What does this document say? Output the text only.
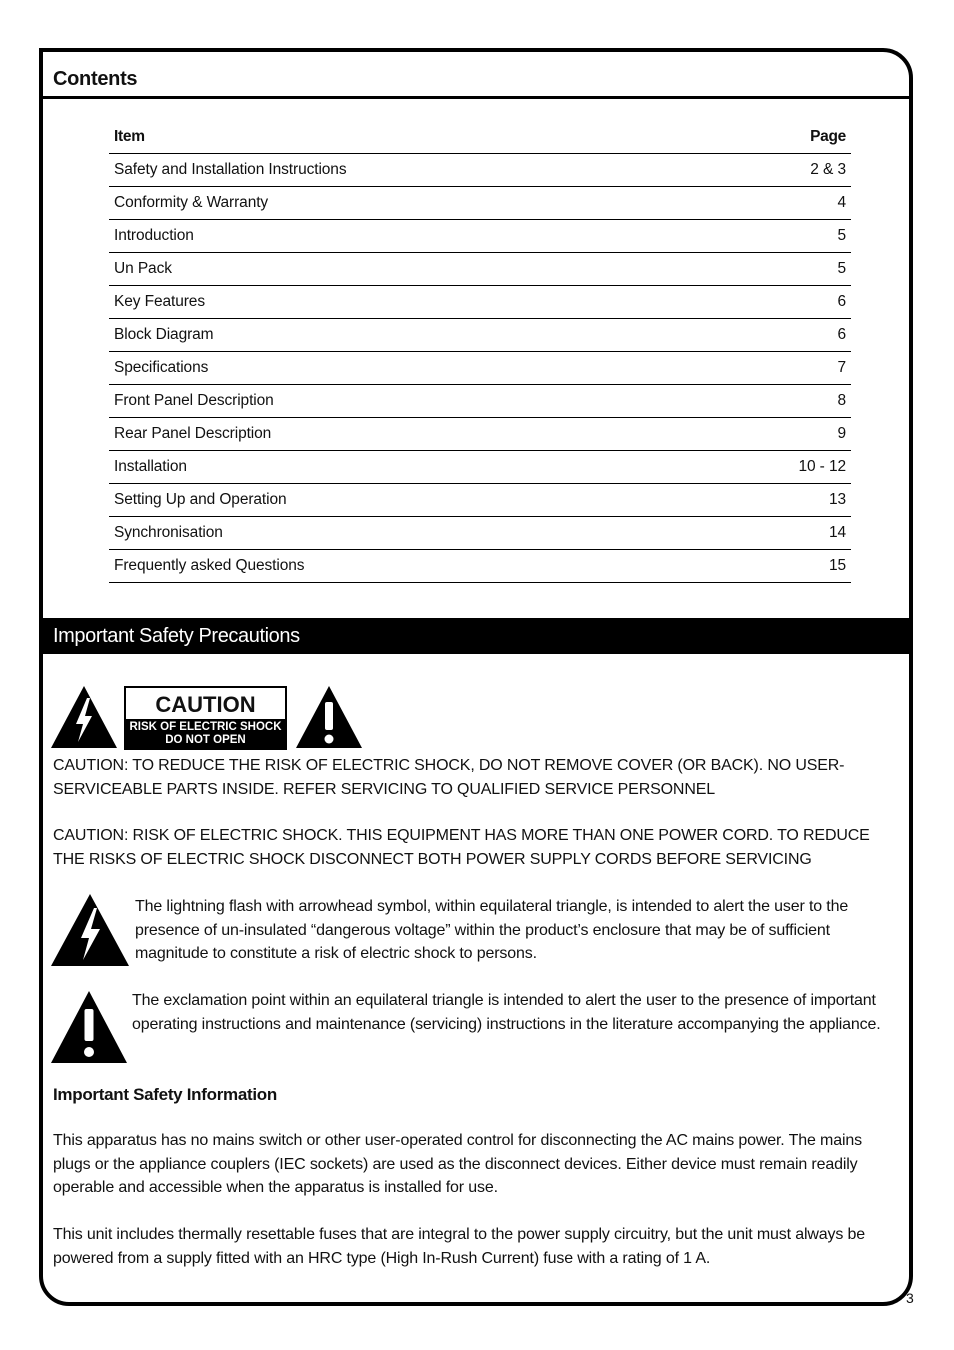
Contents
Item	Page
Safety and Installation Instructions	2 & 3
Conformity & Warranty	4
Introduction	5
Un Pack	5
Key Features	6
Block Diagram	6
Specifications	7
Front Panel Description	8
Rear Panel Description	9
Installation	10 - 12
Setting Up and Operation	13
Synchronisation	14
Frequently asked Questions	15
Important Safety Precautions
CAUTION
RISK OF ELECTRIC SHOCK
DO NOT OPEN

CAUTION: TO REDUCE THE RISK OF ELECTRIC SHOCK, DO NOT REMOVE COVER (OR BACK). NO USER-SERVICEABLE PARTS INSIDE. REFER SERVICING TO QUALIFIED SERVICE PERSONNEL

CAUTION: RISK OF ELECTRIC SHOCK. THIS EQUIPMENT HAS MORE THAN ONE POWER CORD. TO REDUCE THE RISKS OF ELECTRIC SHOCK DISCONNECT BOTH POWER SUPPLY CORDS BEFORE SERVICING

The lightning flash with arrowhead symbol, within equilateral triangle, is intended to alert the user to the presence of un-insulated “dangerous voltage” within the product’s enclosure that may be of sufficient magnitude to constitute a risk of electric shock to persons.

The exclamation point within an equilateral triangle is intended to alert the user to the presence of important operating instructions and maintenance (servicing) instructions in the literature accompanying the appliance.

Important Safety Information

This apparatus has no mains switch or other user-operated control for disconnecting the AC mains power. The mains plugs or the appliance couplers (IEC sockets) are used as the disconnect devices. Either device must remain readily operable and accessible when the apparatus is installed for use.

This unit includes thermally resettable fuses that are integral to the power supply circuitry, but the unit must always be powered from a supply fitted with an HRC type (High In-Rush Current) fuse with a rating of 1 A.

3
